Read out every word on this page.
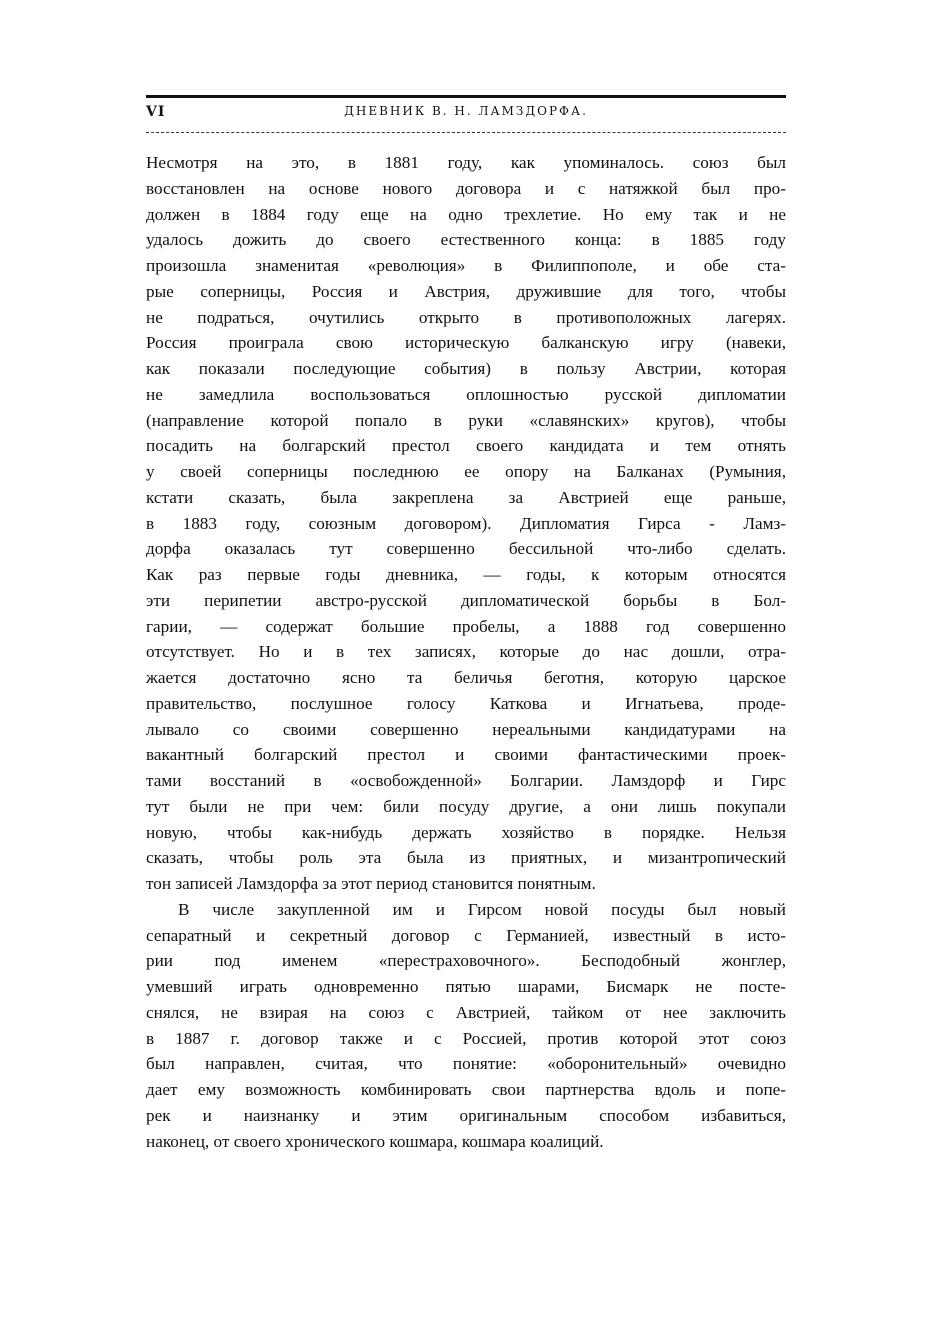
VI	ДНЕВНИК В. Н. ЛАМЗДОРФА.
Несмотря на это, в 1881 году, как упоминалось. союз был
восстановлен на основе нового договора и с натяжкой был про-
должен в 1884 году еще на одно трехлетие. Но ему так и не
удалось дожить до своего естественного конца: в 1885 году
произошла знаменитая «революция» в Филиппополе, и обе ста-
рые соперницы, Россия и Австрия, дружившие для того, чтобы
не подраться, очутились открыто в противоположных лагерях.
Россия проиграла свою историческую балканскую игру (навеки,
как показали последующие события) в пользу Австрии, которая
не замедлила воспользоваться оплошностью русской дипломатии
(направление которой попало в руки «славянских» кругов), чтобы
посадить на болгарский престол своего кандидата и тем отнять
у своей соперницы последнюю ее опору на Балканах (Румыния,
кстати сказать, была закреплена за Австрией еще раньше,
в 1883 году, союзным договором). Дипломатия Гирса - Ламз-
дорфа оказалась тут совершенно бессильной что-либо сделать.
Как раз первые годы дневника, — годы, к которым относятся
эти перипетии австро-русской дипломатической борьбы в Бол-
гарии, — содержат большие пробелы, а 1888 год совершенно
отсутствует. Но и в тех записях, которые до нас дошли, отра-
жается достаточно ясно та беличья беготня, которую царское
правительство, послушное голосу Каткова и Игнатьева, проде-
лывало со своими совершенно нереальными кандидатурами на
вакантный болгарский престол и своими фантастическими проек-
тами восстаний в «освобожденной» Болгарии. Ламздорф и Гирс
тут были не при чем: били посуду другие, а они лишь покупали
новую, чтобы как-нибудь держать хозяйство в порядке. Нельзя
сказать, чтобы роль эта была из приятных, и мизантропический
тон записей Ламздорфа за этот период становится понятным.
В числе закупленной им и Гирсом новой посуды был новый
сепаратный и секретный договор с Германией, известный в исто-
рии под именем «перестраховочного». Бесподобный жонглер,
умевший играть одновременно пятью шарами, Бисмарк не посте-
снялся, не взирая на союз с Австрией, тайком от нее заключить
в 1887 г. договор также и с Россией, против которой этот союз
был направлен, считая, что понятие: «оборонительный» очевидно
дает ему возможность комбинировать свои партнерства вдоль и попе-
рек и наизнанку и этим оригинальным способом избавиться,
наконец, от своего хронического кошмара, кошмара коалиций.
